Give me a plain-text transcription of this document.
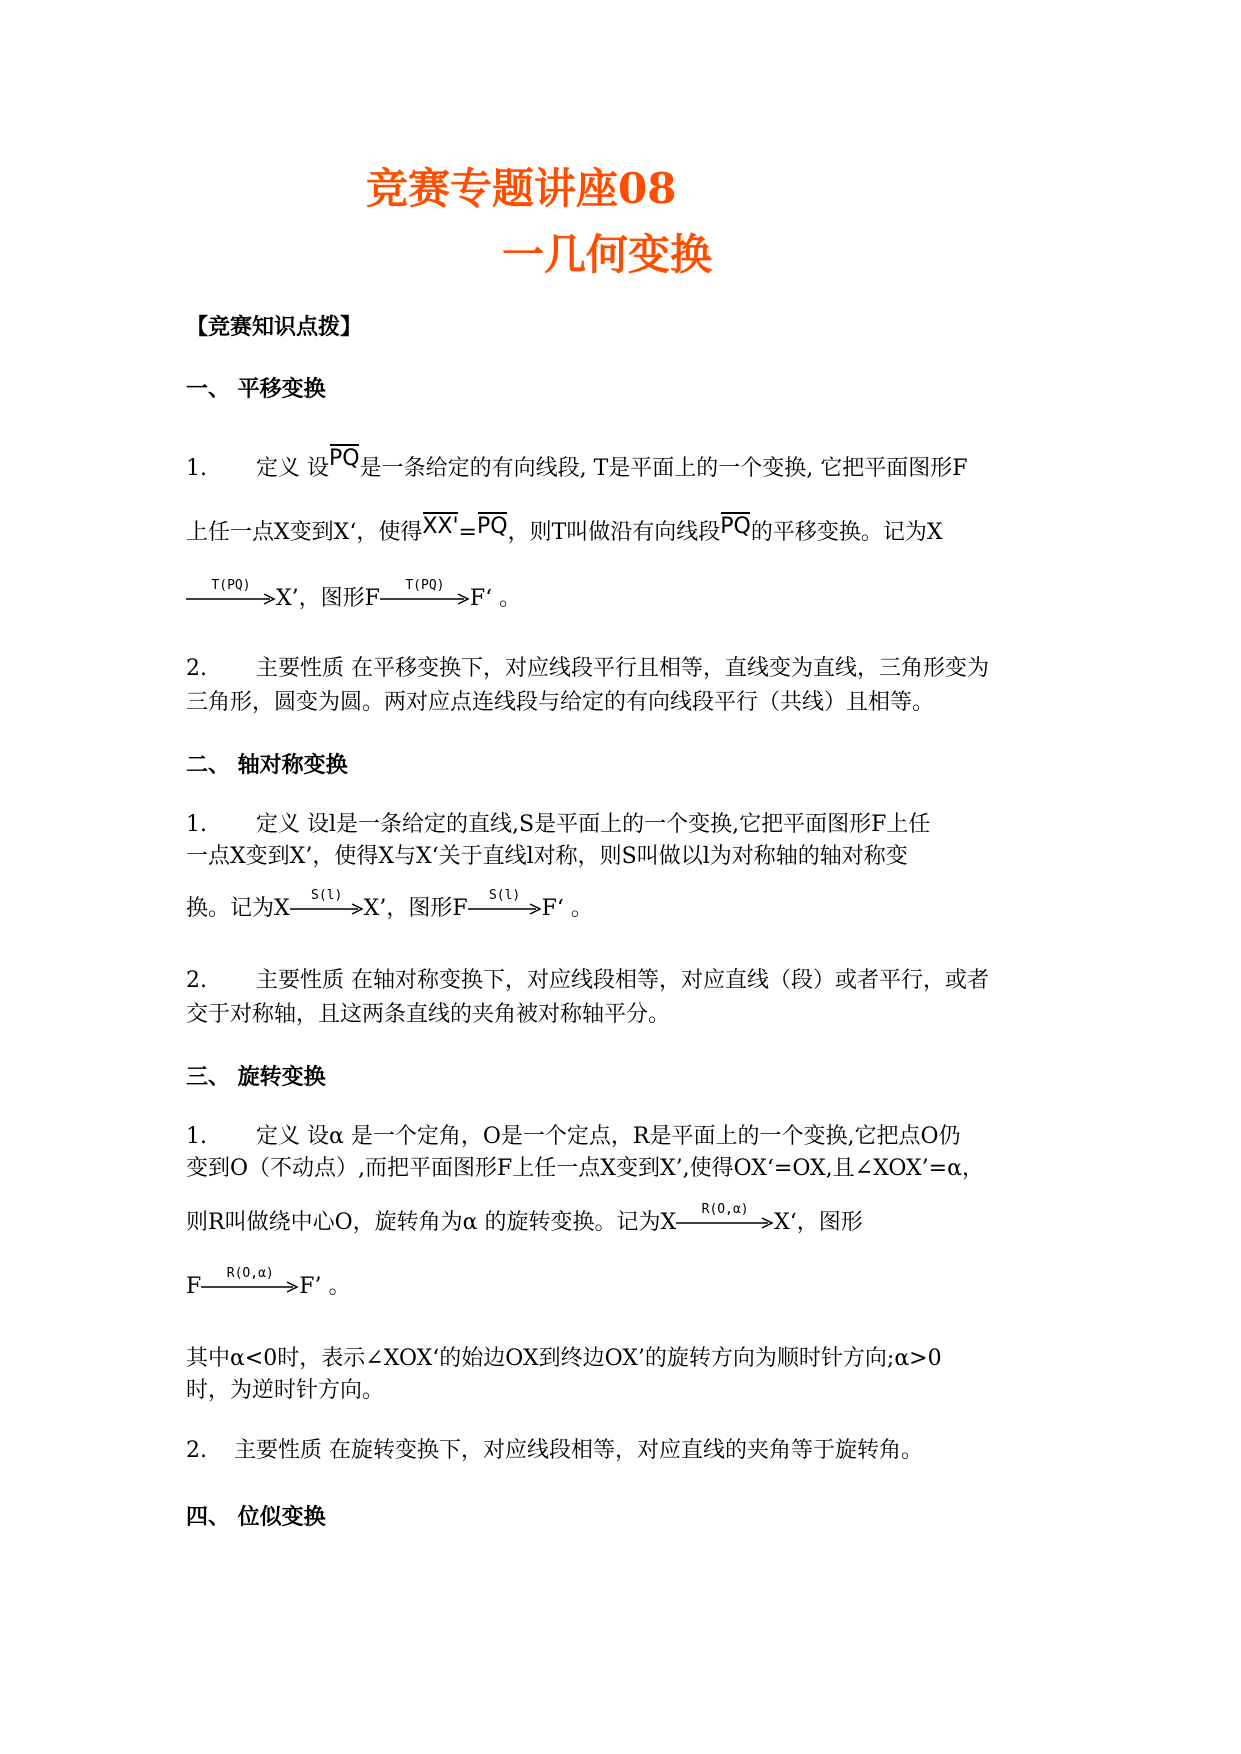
竞赛专题讲座08
一几何变换
【竞赛知识点拨】
一、 平移变换
1. 定义 设PQ是一条给定的有向线段, T是平面上的一个变换, 它把平面图形F
上任一点X变到X‘，使得XX'=PQ，则T叫做沿有向线段PQ的平移变换。记为X
T(PQ)
X’，图形F
T(PQ)
F‘ 。
2. 主要性质 在平移变换下，对应线段平行且相等，直线变为直线，三角形变为
三角形，圆变为圆。两对应点连线段与给定的有向线段平行（共线）且相等。
二、 轴对称变换
1. 定义 设l是一条给定的直线,S是平面上的一个变换,它把平面图形F上任
一点X变到X’，使得X与X‘关于直线l对称，则S叫做以l为对称轴的轴对称变
换。记为X
S(l)
X’，图形F
S(l)
F‘ 。
2. 主要性质 在轴对称变换下，对应线段相等，对应直线（段）或者平行，或者
交于对称轴，且这两条直线的夹角被对称轴平分。
三、 旋转变换
1. 定义 设α 是一个定角，O是一个定点，R是平面上的一个变换,它把点O仍
变到O（不动点）,而把平面图形F上任一点X变到X’,使得OX‘=OX,且∠XOX’=α，
则R叫做绕中心O，旋转角为α 的旋转变换。记为X
R(O,α)
X‘，图形
F
R(O,α)
F’ 。
其中α<0时，表示∠XOX‘的始边OX到终边OX’的旋转方向为顺时针方向;α>0
时，为逆时针方向。
2. 主要性质 在旋转变换下，对应线段相等，对应直线的夹角等于旋转角。
四、 位似变换
